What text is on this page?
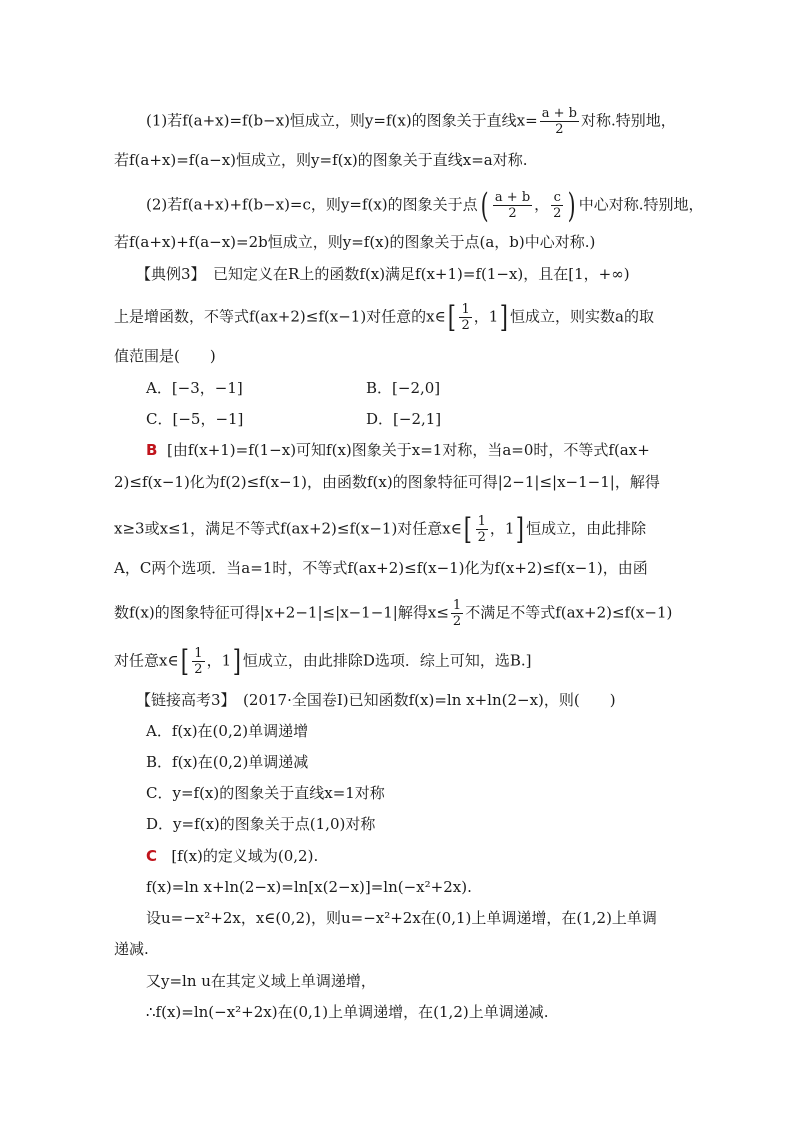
(1)若f(a+x)=f(b−x)恒成立，则y=f(x)的图象关于直线$x= \frac{a + b}{2}$ 对称.特别地，
若f(a+x)=f(a−x)恒成立，则y=f(x)的图象关于直线x=a对称.
(2)若f(a+x)+f(b−x)=c，则y=f(x)的图象关于点( $\frac{a + b}{2}$ ， $\frac{c}{2}$ ) 中心对称.特别地，
若f(a+x)+f(a−x)=2b恒成立，则y=f(x)的图象关于点(a，b)中心对称.)
【典例3】　已知定义在R上的函数f(x)满足f(x+1)=f(1−x)，且在[1，+∞)
上是增函数，不等式f(ax+2)≤f(x−1)对任意的x∈[ $\frac{1}{2}$ ，1] 恒成立，则实数a的取
值范围是(　　)
A．[−3，−1]	B．[−2,0]
C．[−5，−1]	D．[−2,1]
B [由f(x+1)=f(1−x)可知f(x)图象关于x=1对称，当a=0时，不等式f(ax+
2)≤f(x−1)化为f(2)≤f(x−1)，由函数f(x)的图象特征可得|2−1|≤|x−1−1|，解得
x≥3或x≤1，满足不等式f(ax+2)≤f(x−1)对任意x∈[ $\frac{1}{2}$ ，1] 恒成立，由此排除
A，C两个选项．当a=1时，不等式f(ax+2)≤f(x−1)化为f(x+2)≤f(x−1)，由函
数f(x)的图象特征可得|x+2−1|≤|x−1−1|解得$x\le \frac{1}{2}$ 不满足不等式f(ax+2)≤f(x−1)
对任意x∈[ $\frac{1}{2}$ ，1] 恒成立，由此排除D选项．综上可知，选B.]
【链接高考3】　(2017·全国卷Ⅰ)已知函数f(x)=ln x+ln(2−x)，则(　　)
A．f(x)在(0,2)单调递增
B．f(x)在(0,2)单调递减
C．y=f(x)的图象关于直线x=1对称
D．y=f(x)的图象关于点(1,0)对称
C [f(x)的定义域为(0,2).
f(x)=ln x+ln(2−x)=ln[x(2−x)]=ln(−x²+2x).
设u=−x²+2x，x∈(0,2)，则u=−x²+2x在(0,1)上单调递增，在(1,2)上单调
递减.
又y=ln u在其定义域上单调递增，
∴f(x)=ln(−x²+2x)在(0,1)上单调递增，在(1,2)上单调递减.
